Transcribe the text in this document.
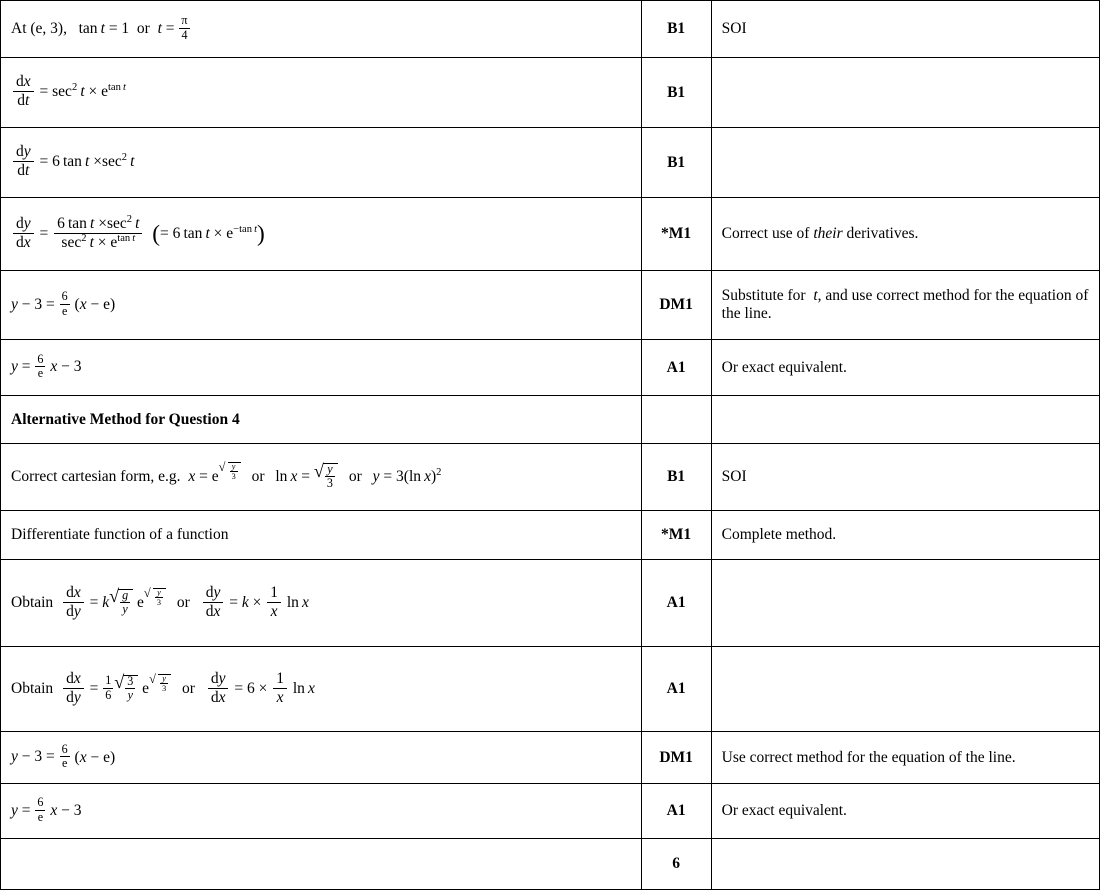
At (e, 3),   tan t = 1  or  $t = \frac{\pi}{4}$	B1	SOI

$\frac{dx}{dt} = \sec^2 t \times e^{tan t}$	B1	

$\frac{dy}{dt} = 6$ $\tan t \times\sec^2$  t	B1	

$\frac{dy}{dx} = \frac{6 \tan t \times\sec^2 t}{\sec^2 t \times e^{tan t}}$ (= 6 $\tan t \times e^{-tan t}$)	*M1	Correct use of their derivatives.
$y - 3 = \frac{6}{e} (x - e)$	DM1	Substitute for  t, and use correct method for the equation of the line.
$y = \frac{6}{e}$ x − 3	A1	Or exact equivalent.
Alternative Method for Question 4		
Correct cartesian form, e.g.  x = e √ $^{\frac{y}{3}}$ or ln x = √ $\frac{y}{3}$ or y = 3(ln x)$^2$	B1	SOI
Differentiate function of a function	*M1	Complete method.
Obtain $\frac{dx}{dy} = k$ √ $\frac{g}{y}$ e √ $^{\frac{y}{3}}$ or $\frac{dy}{dx} = k \times \frac{1}{x}$ ln x	A1	
Obtain $\frac{dx}{dy} = \frac{1}{6}$ √ $\frac{3}{y}$ e √ $^{\frac{y}{3}}$ or $\frac{dy}{dx} = 6 \times \frac{1}{x}$ ln x	A1	
$y - 3 = \frac{6}{e} (x - e)$	DM1	Use correct method for the equation of the line.
$y = \frac{6}{e}$ x − 3	A1	Or exact equivalent.
	6	
